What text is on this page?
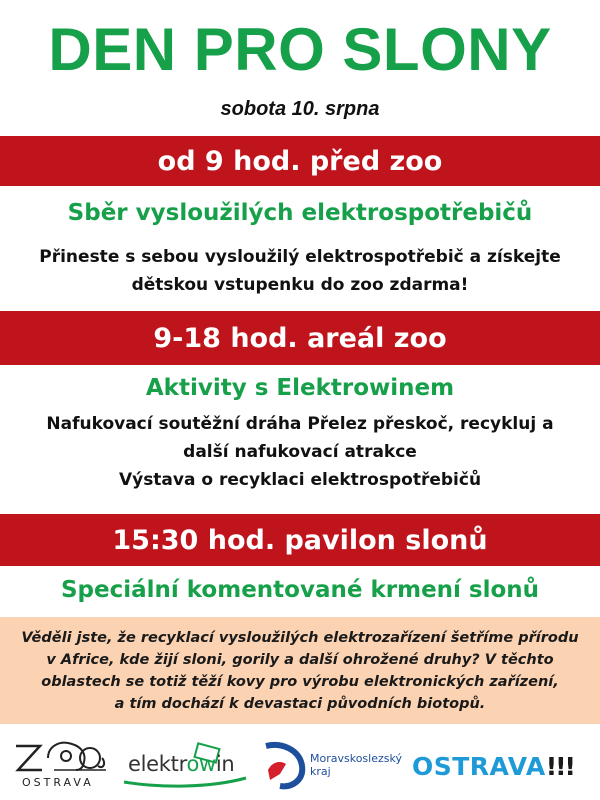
DEN PRO SLONY
sobota 10. srpna
od 9 hod. před zoo
Sběr vysloužilých elektrospotřebičů
Přineste s sebou vysloužilý elektrospotřebič a získejte
dětskou vstupenku do zoo zdarma!
9-18 hod. areál zoo
Aktivity s Elektrowinem
Nafukovací soutěžní dráha Přelez přeskoč, recykluj a
další nafukovací atrakce
Výstava o recyklaci elektrospotřebičů
15:30 hod. pavilon slonů
Speciální komentované krmení slonů
Věděli jste, že recyklací vysloužilých elektrozařízení šetříme přírodu
v Africe, kde žijí sloni, gorily a další ohrožené druhy? V těchto
oblastech se totiž těží kovy pro výrobu elektronických zařízení,
a tím dochází k devastaci původních biotopů.
OSTRAVA
elektrowin	Moravskoslezský
kraj	OSTRAVA!!!
